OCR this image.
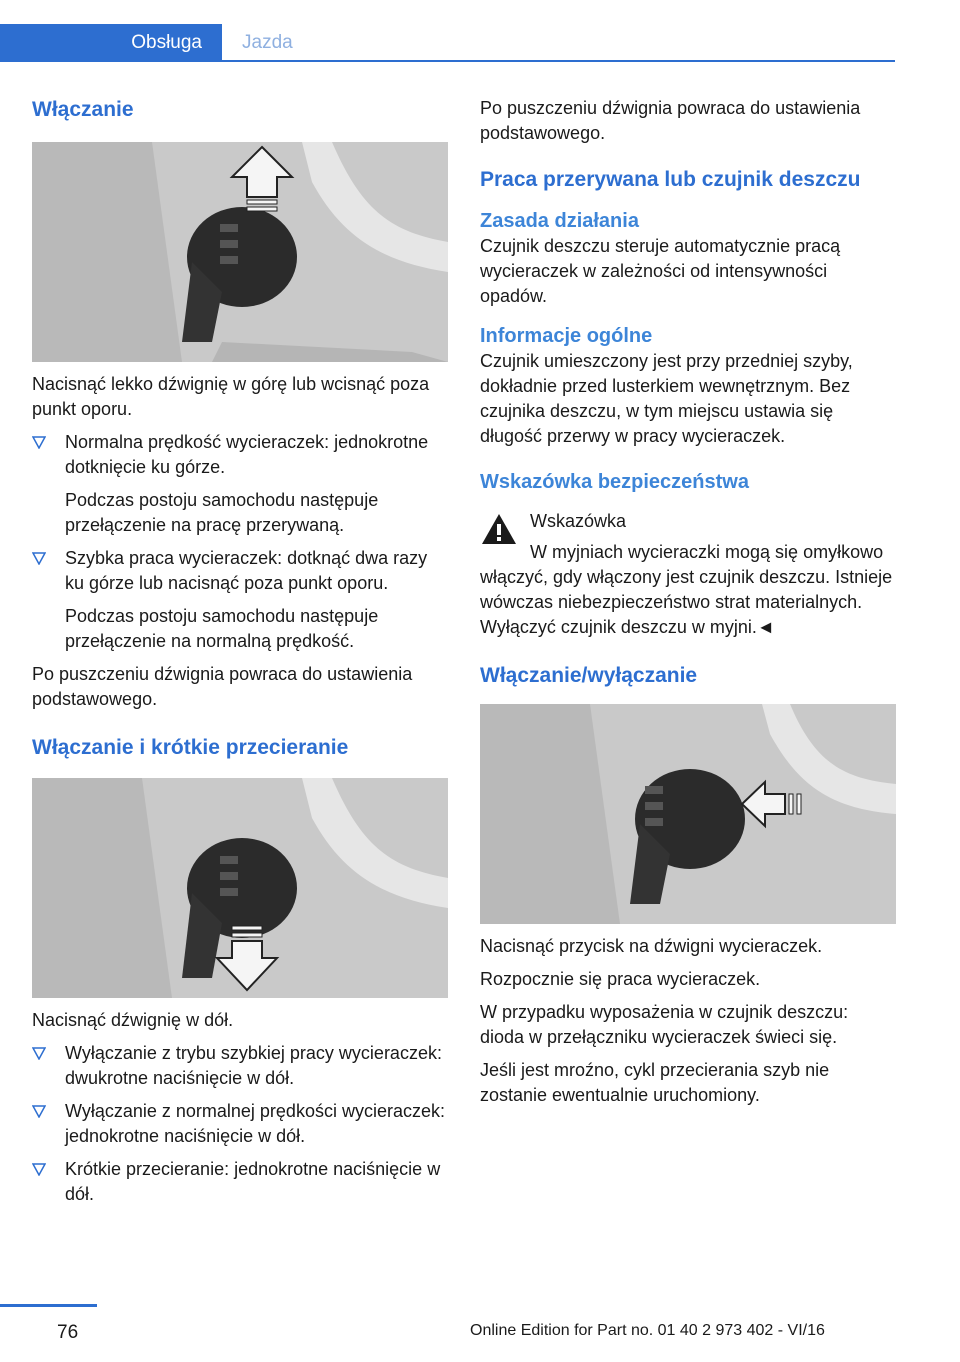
Obsługa	Jazda
Włączanie

Nacisnąć lekko dźwignię w górę lub wcisnąć poza punkt oporu.

Normalna prędkość wycieraczek: jednokrotne dotknięcie ku górze.

Podczas postoju samochodu następuje przełączenie na pracę przerywaną.

Szybka praca wycieraczek: dotknąć dwa razy ku górze lub nacisnąć poza punkt oporu.

Podczas postoju samochodu następuje przełączenie na normalną prędkość.

Po puszczeniu dźwignia powraca do ustawienia podstawowego.

Włączanie i krótkie przecieranie

Nacisnąć dźwignię w dół.

Wyłączanie z trybu szybkiej pracy wycieraczek: dwukrotne naciśnięcie w dół.

Wyłączanie z normalnej prędkości wycieraczek: jednokrotne naciśnięcie w dół.

Krótkie przecieranie: jednokrotne naciśnięcie w dół.

Po puszczeniu dźwignia powraca do ustawienia podstawowego.

Praca przerywana lub czujnik deszczu
Zasada działania

Czujnik deszczu steruje automatycznie pracą wycieraczek w zależności od intensywności opadów.

Informacje ogólne

Czujnik umieszczony jest przy przedniej szyby, dokładnie przed lusterkiem wewnętrznym. Bez czujnika deszczu, w tym miejscu ustawia się długość przerwy w pracy wycieraczek.

Wskazówka bezpieczeństwa

Wskazówka

W myjniach wycieraczki mogą się omyłkowo włączyć, gdy włączony jest czujnik deszczu. Istnieje wówczas niebezpieczeństwo strat materialnych. Wyłączyć czujnik deszczu w myjni.◄

Włączanie/wyłączanie

Nacisnąć przycisk na dźwigni wycieraczek.

Rozpocznie się praca wycieraczek.

W przypadku wyposażenia w czujnik deszczu: dioda w przełączniku wycieraczek świeci się.

Jeśli jest mroźno, cykl przecierania szyb nie zostanie ewentualnie uruchomiony.

76	Online Edition for Part no. 01 40 2 973 402 - VI/16
